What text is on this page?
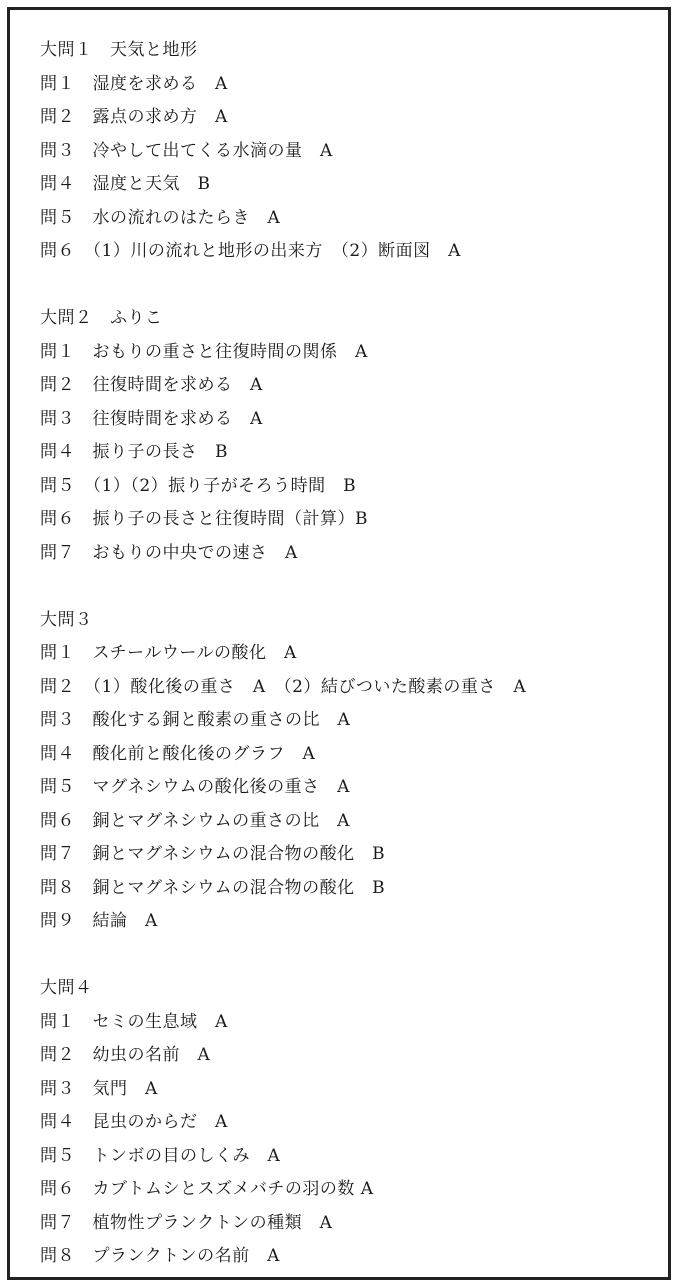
大問１　天気と地形
問１　湿度を求める　A
問２　露点の求め方　A
問３　冷やして出てくる水滴の量　A
問４　湿度と天気　B
問５　水の流れのはたらき　A
問６　（1）川の流れと地形の出来方　（2）断面図　A
大問２　ふりこ
問１　おもりの重さと往復時間の関係　A
問２　往復時間を求める　A
問３　往復時間を求める　A
問４　振り子の長さ　B
問５　（1）（2）振り子がそろう時間　B
問６　振り子の長さと往復時間（計算）B
問７　おもりの中央での速さ　A
大問３
問１　スチールウールの酸化　A
問２　（1）酸化後の重さ　A　（2）結びついた酸素の重さ　A
問３　酸化する銅と酸素の重さの比　A
問４　酸化前と酸化後のグラフ　A
問５　マグネシウムの酸化後の重さ　A
問６　銅とマグネシウムの重さの比　A
問７　銅とマグネシウムの混合物の酸化　B
問８　銅とマグネシウムの混合物の酸化　B
問９　結論　A
大問４
問１　セミの生息域　A
問２　幼虫の名前　A
問３　気門　A
問４　昆虫のからだ　A
問５　トンボの目のしくみ　A
問６　カブトムシとスズメバチの羽の数 A
問７　植物性プランクトンの種類　A
問８　プランクトンの名前　A
